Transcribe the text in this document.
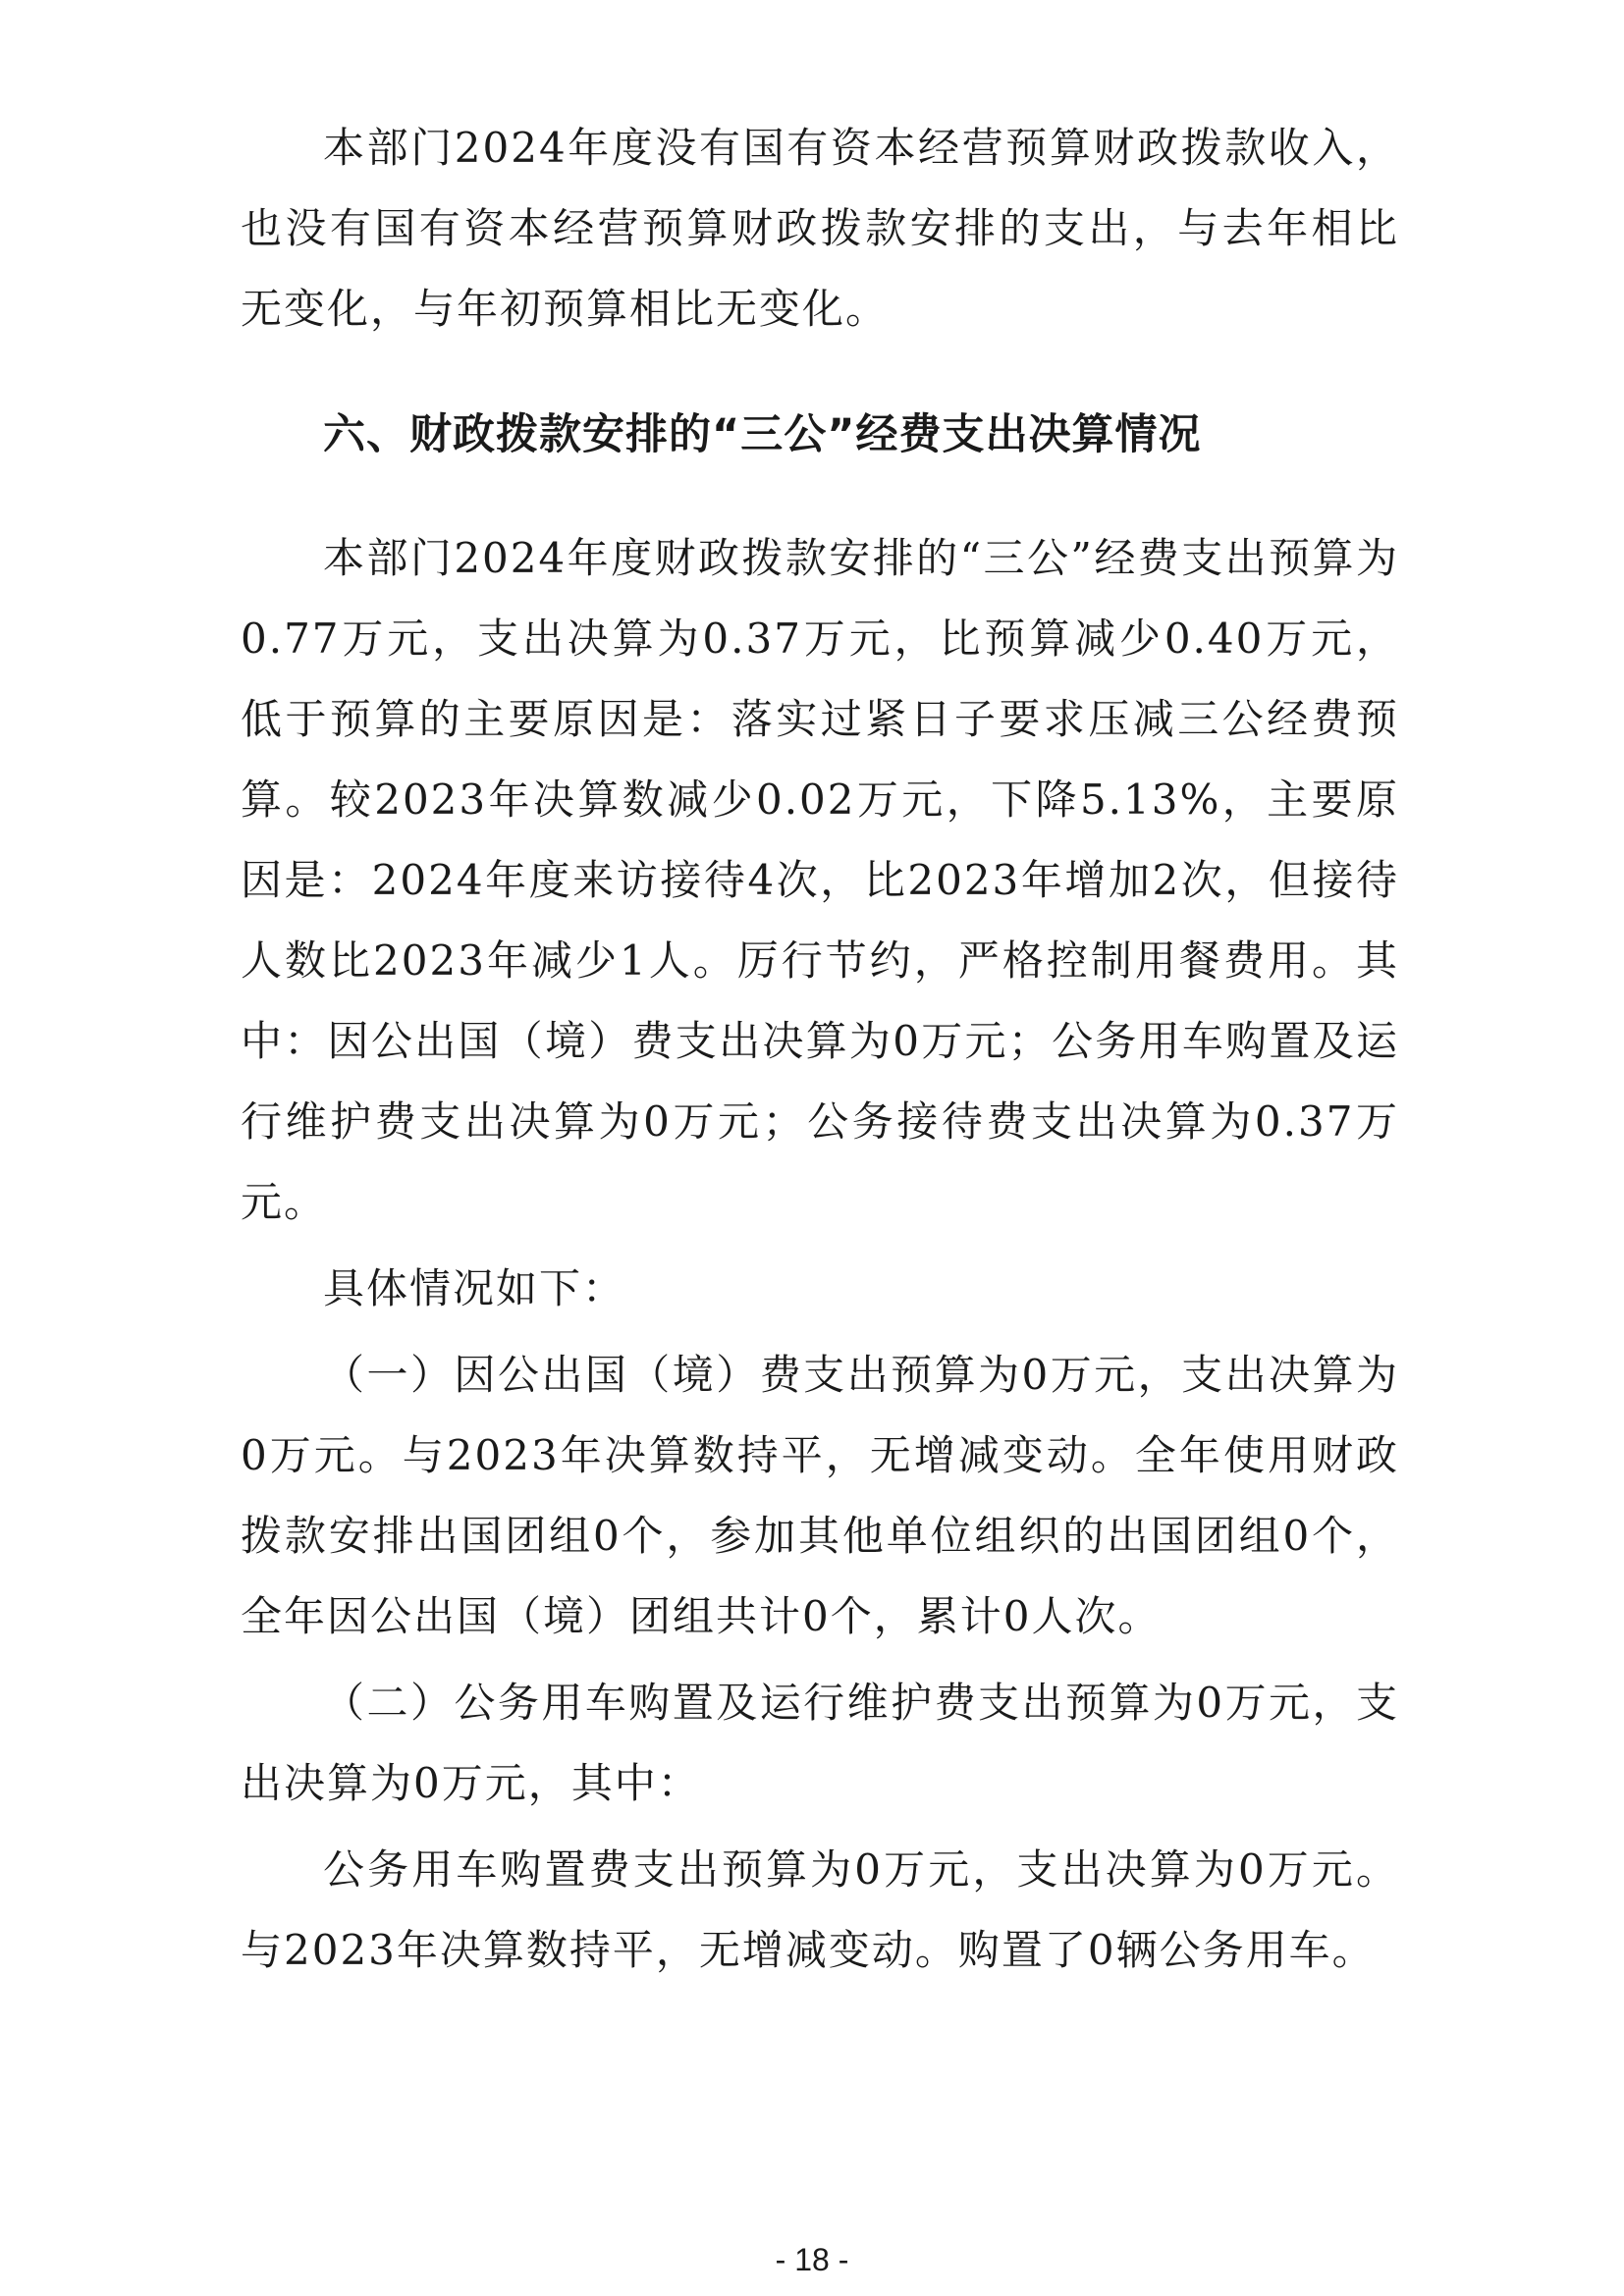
本部门2024年度没有国有资本经营预算财政拨款收入，也没有国有资本经营预算财政拨款安排的支出，与去年相比无变化，与年初预算相比无变化。

六、财政拨款安排的“三公”经费支出决算情况

本部门2024年度财政拨款安排的“三公”经费支出预算为0.77万元，支出决算为0.37万元，比预算减少0.40万元，低于预算的主要原因是：落实过紧日子要求压减三公经费预算。较2023年决算数减少0.02万元，下降5.13%，主要原因是：2024年度来访接待4次，比2023年增加2次，但接待人数比2023年减少1人。厉行节约，严格控制用餐费用。其中：因公出国（境）费支出决算为0万元；公务用车购置及运行维护费支出决算为0万元；公务接待费支出决算为0.37万元。

具体情况如下：

（一）因公出国（境）费支出预算为0万元，支出决算为0万元。与2023年决算数持平，无增减变动。全年使用财政拨款安排出国团组0个，参加其他单位组织的出国团组0个，全年因公出国（境）团组共计0个，累计0人次。

（二）公务用车购置及运行维护费支出预算为0万元，支出决算为0万元，其中：

公务用车购置费支出预算为0万元，支出决算为0万元。与2023年决算数持平，无增减变动。购置了0辆公务用车。

- 18 -
